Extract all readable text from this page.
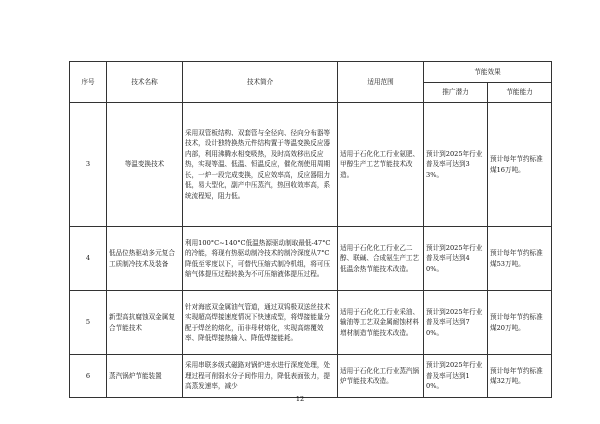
序号	技术名称	技术简介	适用范围	节能效果	
				推广潜力	节能能力
3	等温变换技术	采用双管板结构、双套管与全径向、径向分布器等技术，设计独特换热元件结构置于等温变换反应器内部，利用沸腾水相变吸热，及时高效移出反应热，实现等温、低温、恒温反应，催化剂使用周期长，一炉一段完成变换，反应效率高，反应器阻力低，易大型化，副产中压蒸汽，热回收效率高，系统流程短，阻力低。	适用于石化化工行业氨肥、甲醇生产工艺节能技术改造。	预计到2025年行业普及率可达到33%。	预计每年节约标准煤16万吨。
4	低品位热驱动多元复合工质制冷技术及装备	利用100°C~140°C低温热源驱动制取最低-47°C的冷能，将现有热驱动制冷技术的制冷深度从7°C降低至零度以下，可替代压缩式制冷机组，将可压缩气体提压过程转换为不可压缩液体提压过程。	适用于石化化工行业乙二醇、联碱、合成氨生产工艺低温余热节能技术改造。	预计到2025年行业普及率可达到40%。	预计每年节约标准煤53万吨。
5	新型高抗腐蚀双金属复合节能技术	针对海底双金属油气管道，通过双钨极双送丝技术实现超高焊接速度情况下快速成型，将焊接能量分配于焊丝的熔化，而非母材熔化，实现高熔覆效率、降低焊接热输入、降低焊接能耗。	适用于石化化工行业采油、输油等工艺双金属耐蚀材料增材制造节能技术改造。	预计到2025年行业普及率可达到70%。	预计每年节约标准煤20万吨。
6	蒸汽锅炉节能装置	采用串联多级式磁路对锅炉进水进行深度处理，处理过程可削弱水分子间作用力，降低表面张力，提高蒸发速率，减少	适用于石化化工行业蒸汽锅炉节能技术改造。	预计到2025年行业普及率可达到10%。	预计每年节约标准煤32万吨。
12
